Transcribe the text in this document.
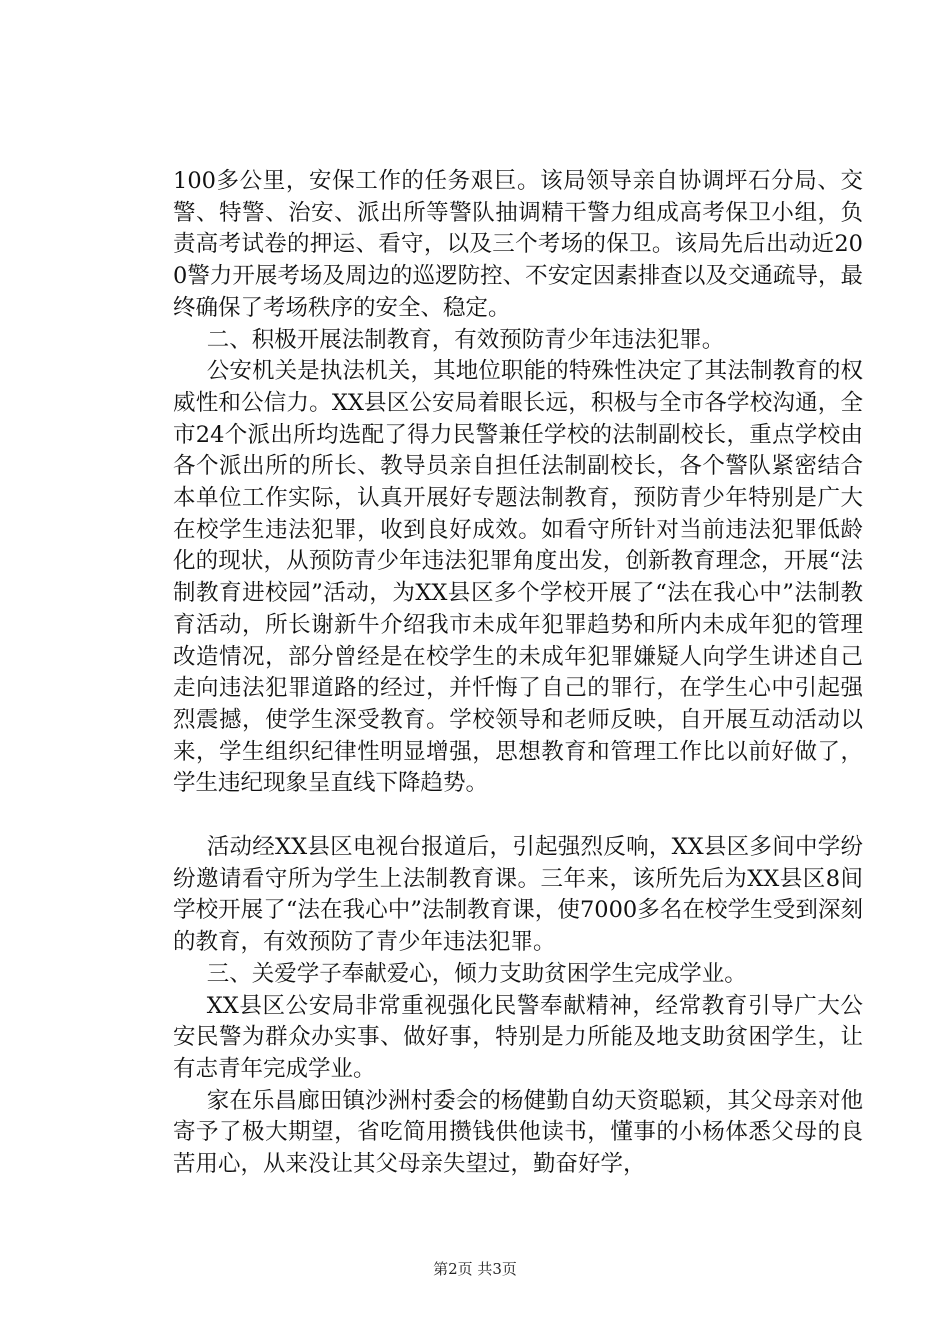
100多公里，安保工作的任务艰巨。该局领导亲自协调坪石分局、交警、特警、治安、派出所等警队抽调精干警力组成高考保卫小组，负责高考试卷的押运、看守，以及三个考场的保卫。该局先后出动近200警力开展考场及周边的巡逻防控、不安定因素排查以及交通疏导，最终确保了考场秩序的安全、稳定。

二、积极开展法制教育，有效预防青少年违法犯罪。

公安机关是执法机关，其地位职能的特殊性决定了其法制教育的权威性和公信力。XX县区公安局着眼长远，积极与全市各学校沟通，全市24个派出所均选配了得力民警兼任学校的法制副校长，重点学校由各个派出所的所长、教导员亲自担任法制副校长，各个警队紧密结合本单位工作实际，认真开展好专题法制教育，预防青少年特别是广大在校学生违法犯罪，收到良好成效。如看守所针对当前违法犯罪低龄化的现状，从预防青少年违法犯罪角度出发，创新教育理念，开展“法制教育进校园”活动，为XX县区多个学校开展了“法在我心中”法制教育活动，所长谢新牛介绍我市未成年犯罪趋势和所内未成年犯的管理改造情况，部分曾经是在校学生的未成年犯罪嫌疑人向学生讲述自己走向违法犯罪道路的经过，并忏悔了自己的罪行，在学生心中引起强烈震撼，使学生深受教育。学校领导和老师反映，自开展互动活动以来，学生组织纪律性明显增强，思想教育和管理工作比以前好做了，学生违纪现象呈直线下降趋势。

活动经XX县区电视台报道后，引起强烈反响，XX县区多间中学纷纷邀请看守所为学生上法制教育课。三年来，该所先后为XX县区8间学校开展了“法在我心中”法制教育课，使7000多名在校学生受到深刻的教育，有效预防了青少年违法犯罪。

三、关爱学子奉献爱心，倾力支助贫困学生完成学业。

XX县区公安局非常重视强化民警奉献精神，经常教育引导广大公安民警为群众办实事、做好事，特别是力所能及地支助贫困学生，让有志青年完成学业。

家在乐昌廊田镇沙洲村委会的杨健勤自幼天资聪颖，其父母亲对他寄予了极大期望，省吃简用攒钱供他读书，懂事的小杨体悉父母的良苦用心，从来没让其父母亲失望过，勤奋好学，

第2页 共3页
